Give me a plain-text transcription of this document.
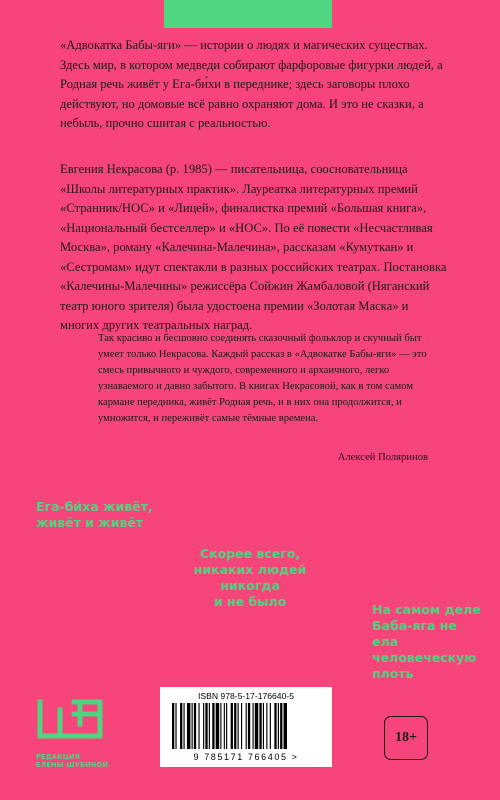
«Адвокатка Бабы-яги» — истории о людях и магических существах. Здесь мир, в котором медведи собирают фарфоровые фигурки людей, а Родная речь живёт у Ега-би́хи в переднике; здесь заговоры плохо действуют, но домовые всё равно охраняют дома. И это не сказки, а небыль, прочно сшитая с реальностью.

Евгения Некрасова (р. 1985) — писательница, соосновательница «Школы литературных практик». Лауреатка литературных премий «Странник/НОС» и «Лицей», финалистка премий «Большая книга», «Национальный бестселлер» и «НОС». По её повести «Несчастливая Москва», роману «Калечина-Малечина», рассказам «Кумуткан» и «Сестромам» идут спектакли в разных российских театрах. Постановка «Калечины-Малечины» режиссёра Сойжин Жамбаловой (Няганский театр юного зрителя) была удостоена премии «Золотая Маска» и многих других театральных наград.

Так красиво и бесшовно соединять сказочный фольклор и скучный быт умеет только Некрасова. Каждый рассказ в «Адвокатке Бабы-яги» — это смесь привычного и чуждого, современного и архаичного, легко узнаваемого и давно забытого. В книгах Некрасовой, как в том самом кармане передника, живёт Родная речь, и в них она продолжится, и умножится, и переживёт самые тёмные времена.

Алексей Поляринов
Ега-би́ха живёт,
живёт и живёт
Скорее всего,
никаких людей
никогда
и не было
На самом деле
Баба-яга не ела
человеческую
плоть
РЕДАКЦИЯ
ЕЛЕНЫ ШУБИНОЙ
ISBN 978-5-17-176640-5
9 785171 766405 >
18+
